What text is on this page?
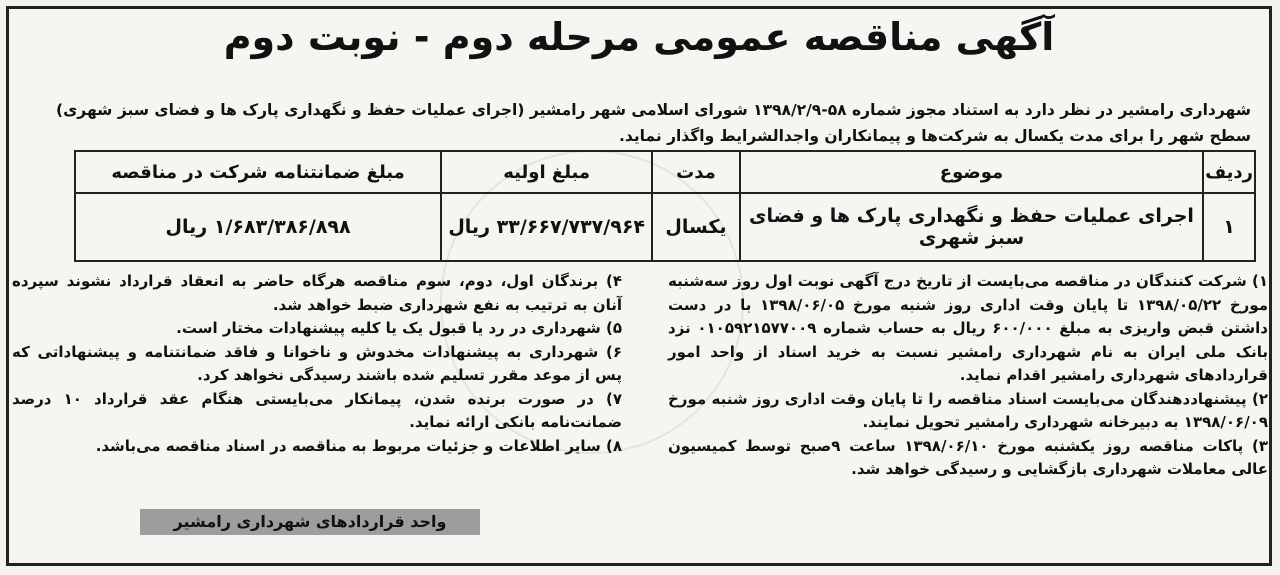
آگهی مناقصه عمومی مرحله دوم - نوبت دوم
شهرداری رامشیر در نظر دارد به استناد مجوز شماره ۵۸-۱۳۹۸/۲/۹ شورای اسلامی شهر رامشیر (اجرای عملیات حفظ و نگهداری پارک ها و فضای سبز شهری) سطح شهر را برای مدت یکسال به شرکت‌ها و پیمانکاران واجدالشرایط واگذار نماید.
ردیف	موضوع	مدت	مبلغ اولیه	مبلغ ضمانتنامه شرکت در مناقصه
۱	اجرای عملیات حفظ و نگهداری پارک ها و فضای سبز شهری	یکسال	۳۳/۶۶۷/۷۳۷/۹۶۴ ریال	۱/۶۸۳/۳۸۶/۸۹۸ ریال

۱) شرکت کنندگان در مناقصه می‌بایست از تاریخ درج آگهی نوبت اول روز سه‌شنبه مورخ ۱۳۹۸/۰۵/۲۲ تا پایان وقت اداری روز شنبه مورخ ۱۳۹۸/۰۶/۰۵ با در دست داشتن قبض واریزی به مبلغ ۶۰۰/۰۰۰ ریال به حساب شماره ۰۱۰۵۹۲۱۵۷۷۰۰۹ نزد بانک ملی ایران به نام شهرداری رامشیر نسبت به خرید اسناد از واحد امور قراردادهای شهرداری رامشیر اقدام نماید.

۲) پیشنهاددهندگان می‌بایست اسناد مناقصه را تا پایان وقت اداری روز شنبه مورخ ۱۳۹۸/۰۶/۰۹ به دبیرخانه شهرداری رامشیر تحویل نمایند.

۳) پاکات مناقصه روز یکشنبه مورخ ۱۳۹۸/۰۶/۱۰ ساعت ۹صبح توسط کمیسیون عالی معاملات شهرداری بازگشایی و رسیدگی خواهد شد.

۴) برندگان اول، دوم، سوم مناقصه هرگاه حاضر به انعقاد قرارداد نشوند سپرده آنان به ترتیب به نفع شهرداری ضبط خواهد شد.

۵) شهرداری در رد یا قبول یک یا کلیه پیشنهادات مختار است.

۶) شهرداری به پیشنهادات مخدوش و ناخوانا و فاقد ضمانتنامه و پیشنهاداتی که پس از موعد مقرر تسلیم شده باشند رسیدگی نخواهد کرد.

۷) در صورت برنده شدن، پیمانکار می‌بایستی هنگام عقد قرارداد ۱۰ درصد ضمانت‌نامه بانکی ارائه نماید.

۸) سایر اطلاعات و جزئیات مربوط به مناقصه در اسناد مناقصه می‌باشد.

واحد قراردادهای شهرداری رامشیر
